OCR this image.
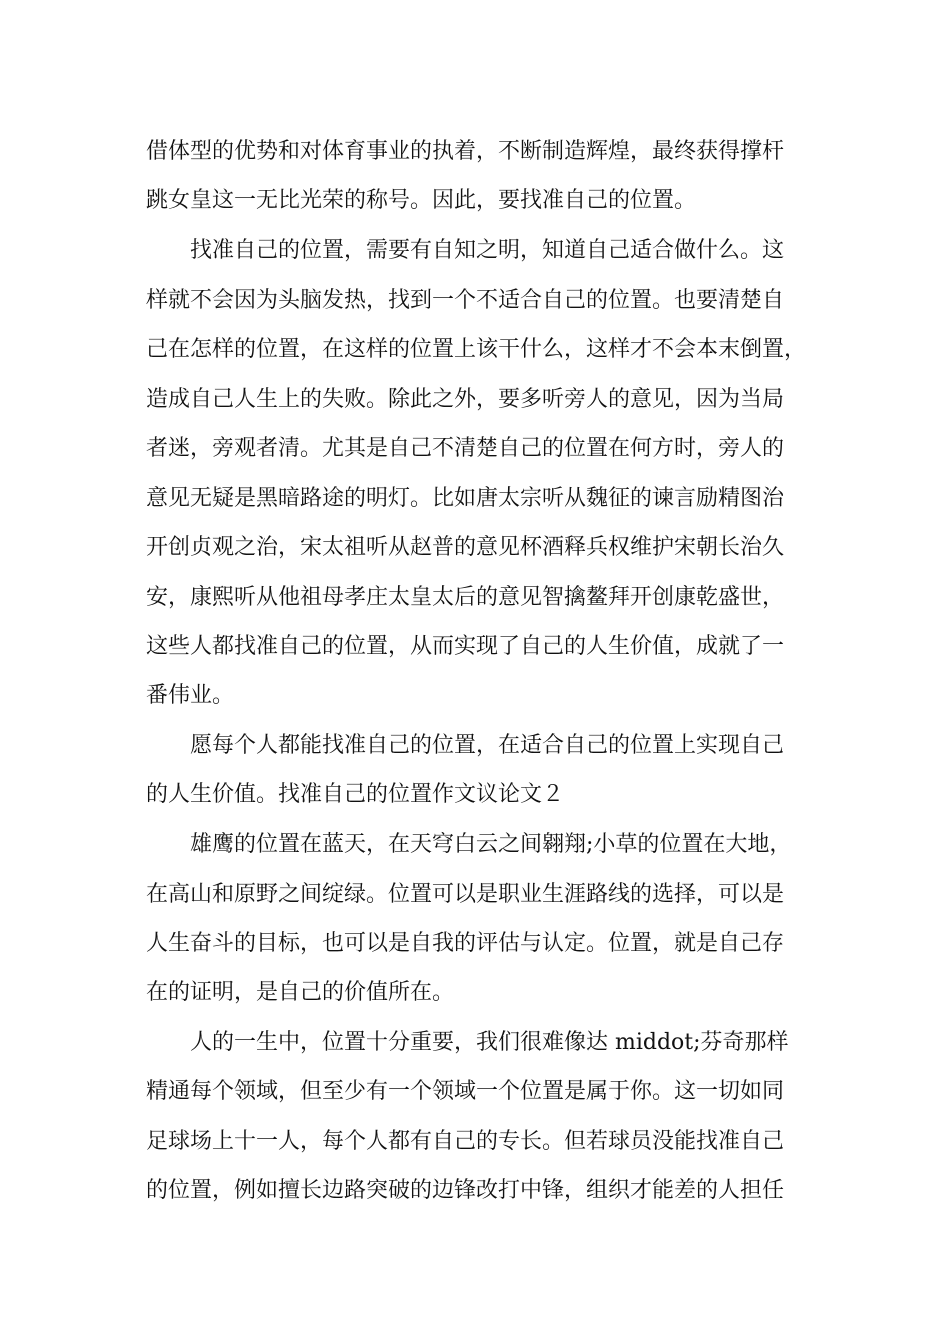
借体型的优势和对体育事业的执着，不断制造辉煌，最终获得撑杆

跳女皇这一无比光荣的称号。因此，要找准自己的位置。

找准自己的位置，需要有自知之明，知道自己适合做什么。这

样就不会因为头脑发热，找到一个不适合自己的位置。也要清楚自

己在怎样的位置，在这样的位置上该干什么，这样才不会本末倒置，

造成自己人生上的失败。除此之外，要多听旁人的意见，因为当局

者迷，旁观者清。尤其是自己不清楚自己的位置在何方时，旁人的

意见无疑是黑暗路途的明灯。比如唐太宗听从魏征的谏言励精图治

开创贞观之治，宋太祖听从赵普的意见杯酒释兵权维护宋朝长治久

安，康熙听从他祖母孝庄太皇太后的意见智擒鳌拜开创康乾盛世，

这些人都找准自己的位置，从而实现了自己的人生价值，成就了一

番伟业。

愿每个人都能找准自己的位置，在适合自己的位置上实现自己

的人生价值。找准自己的位置作文议论文２

雄鹰的位置在蓝天，在天穹白云之间翱翔;小草的位置在大地，

在高山和原野之间绽绿。位置可以是职业生涯路线的选择，可以是

人生奋斗的目标，也可以是自我的评估与认定。位置，就是自己存

在的证明，是自己的价值所在。

人的一生中，位置十分重要，我们很难像达 middot;芬奇那样

精通每个领域，但至少有一个领域一个位置是属于你。这一切如同

足球场上十一人，每个人都有自己的专长。但若球员没能找准自己

的位置，例如擅长边路突破的边锋改打中锋，组织才能差的人担任
